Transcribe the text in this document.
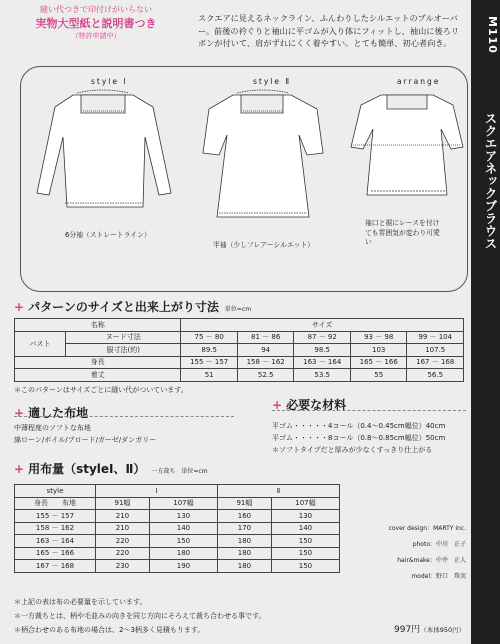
縫い代つきで印付けがいらない
実物大型紙と説明書つき
（特許申請中）
スクエアに見えるネックライン、ふんわりしたシルエットのプルオーバー。前後の衿ぐりと袖山に平ゴムが入り体にフィットし、袖山に後ろリボンが付いて、肩がずれにくく着やすい。とても簡単、初心者向き。	M110
スクエアネックブラウス
style Ⅰ	style Ⅱ	arrange
6分袖（ストレートライン）
半袖（少しフレアーシルエット）
袖口と裾にレースを付けても雰囲気が変わり可愛い
+ パターンのサイズと出来上がり寸法 単位=cm
名称		サイズ				
バスト	ヌード寸法	75 － 80	81 － 86	87 － 92	93 － 98	99 － 104
	服寸法(約)	89.5	94	98.5	103	107.5
身長		155 － 157	158 － 162	163 － 164	165 － 166	167 － 168
着丈		51	52.5	53.5	55	56.5
＊このパターンはサイズごとに縫い代がついています。
+ 適した布地
中薄程度のソフトな布地
綿ローン/ボイル/ブロード/ガーゼ/ダンガリー
+ 必要な材料
平ゴム・・・・・4コール（0.4〜0.45cm幅位）40cm
平ゴム・・・・・8コール（0.8〜0.85cm幅位）50cm
＊ソフトタイプだと厚みが少なくすっきり仕上がる
+ 用布量（styleⅠ、Ⅱ） 一方裁ち　単位=cm
style	Ⅰ		Ⅱ	
身長　　 布地	91幅	107幅	91幅	107幅
155 － 157	210	130	160	130
158 － 162	210	140	170	140
163 － 164	220	150	180	150
165 － 166	220	180	180	150
167 － 168	230	190	180	150
＊上記の表は布の必要量を示しています。
＊一方裁ちとは、柄や毛並みの向きを同じ方向にそろえて裁ち合わせる事です。
＊柄合わせのある布地の場合は、2〜3柄多く見積もります。
cover design：MARTY inc.
photo：中川　正子
hair&make：中井　正人
model：野口　珠実
997円（本体950円）
